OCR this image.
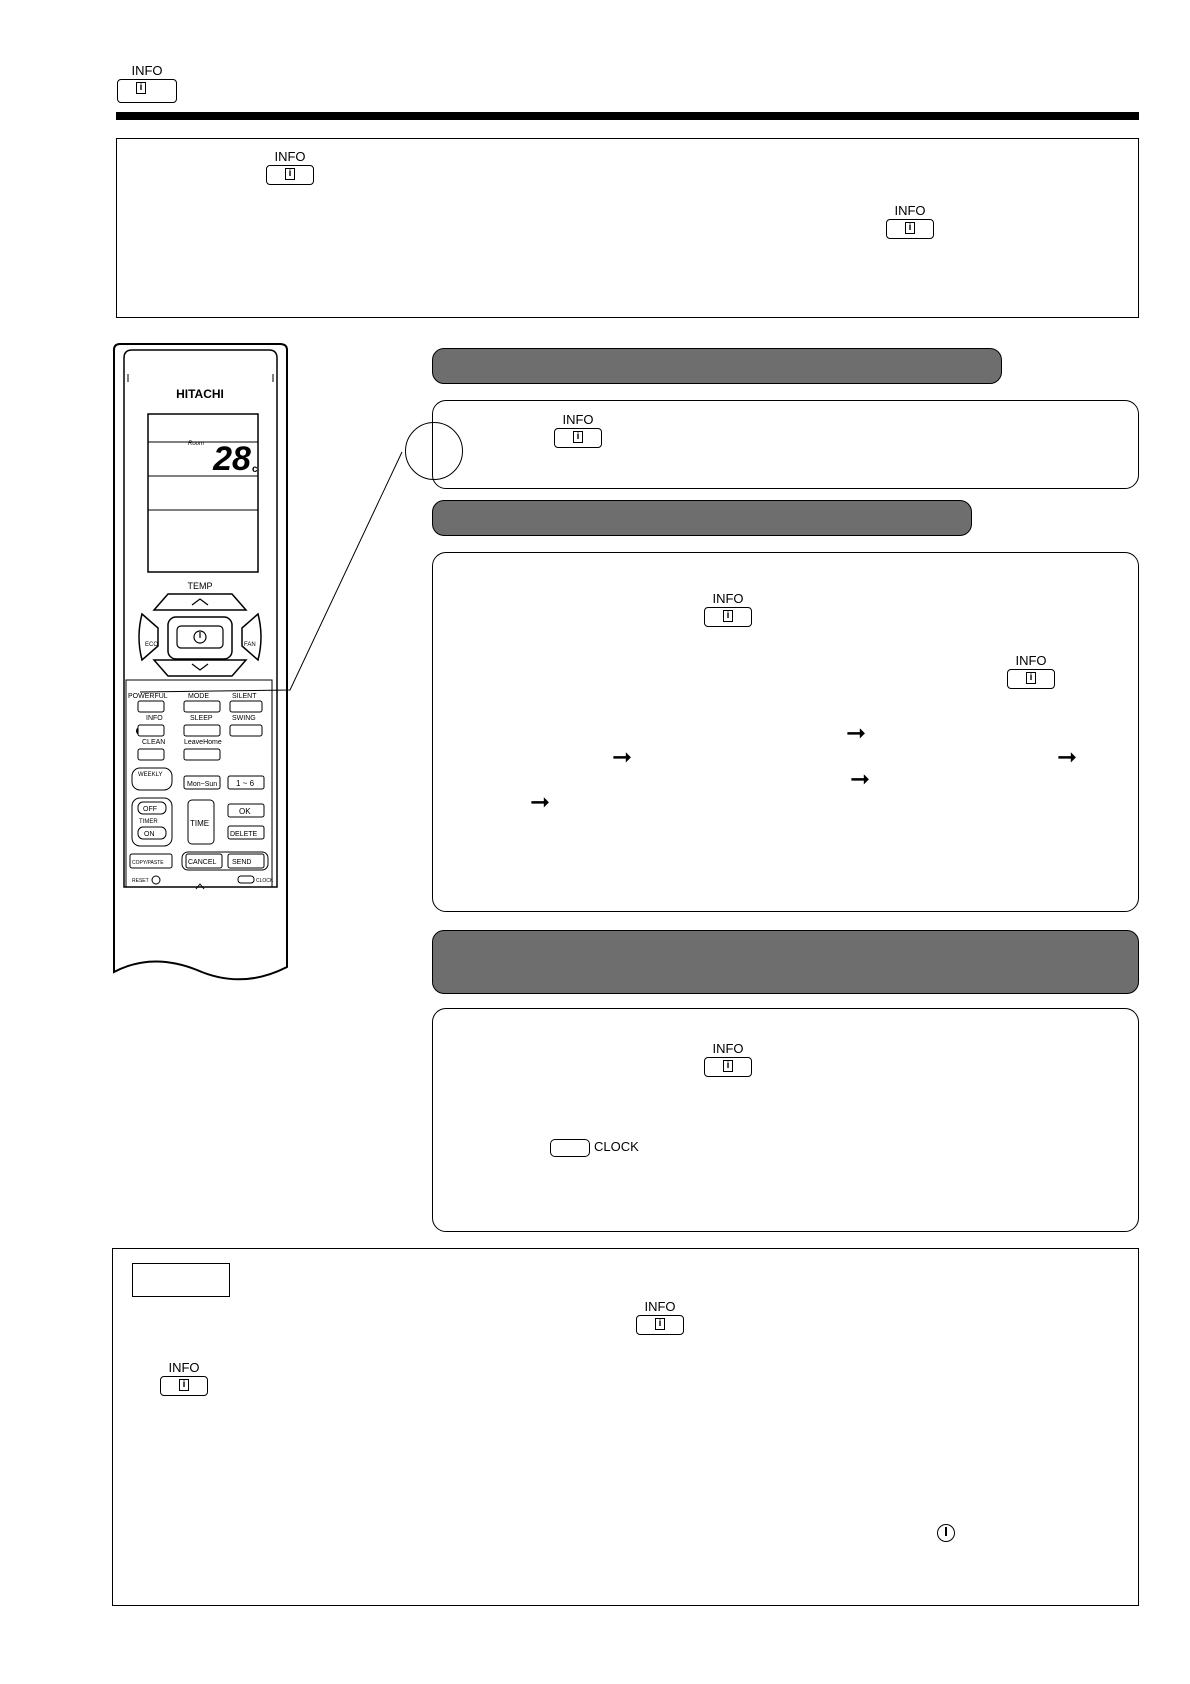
INFO
i
INFO
i
INFO
i
HITACHI
Room 28 c
TEMP
ECO	FAN
POWERFUL	MODE	SILENT
INFO	SLEEP	SWING
CLEAN	LeaveHome
WEEKLY
Mon~Sun 1 ~ 6
OFF
TIMER
ON
TIME
OK
DELETE
COPY/PASTE	CANCEL SEND
RESET	CLOCK
INFO
i
INFO
i
INFO
i
➞
➞	➞
➞
➞
INFO
i
CLOCK
INFO
i
INFO
i
